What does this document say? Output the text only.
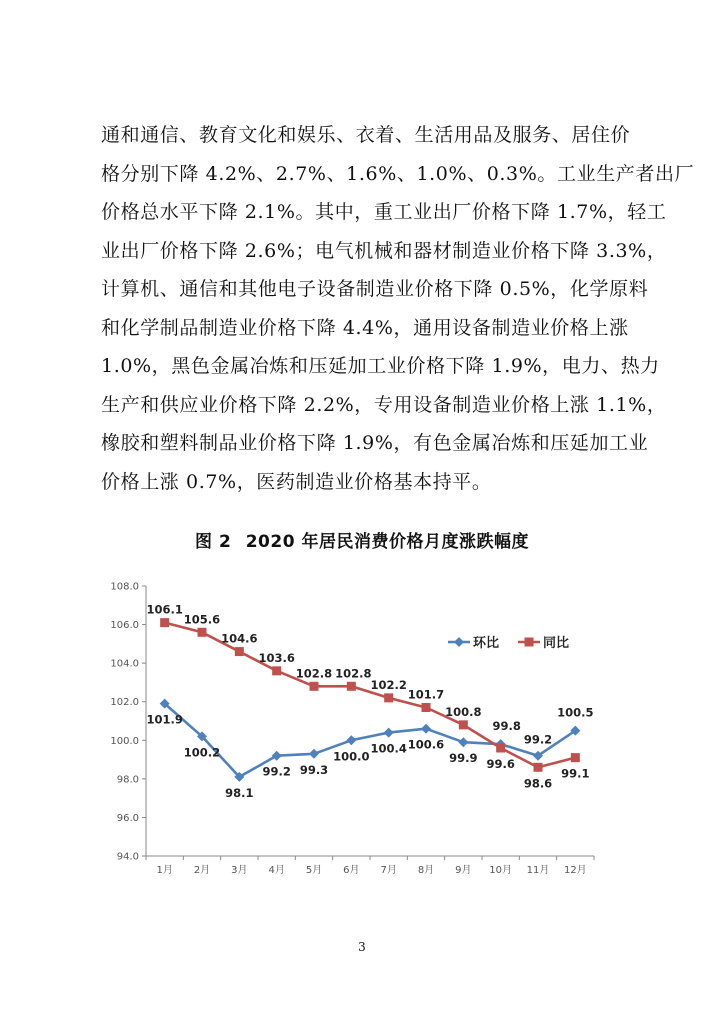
通和通信、教育文化和娱乐、衣着、生活用品及服务、居住价
格分别下降 4.2%、2.7%、1.6%、1.0%、0.3%。工业生产者出厂
价格总水平下降 2.1%。其中，重工业出厂价格下降 1.7%，轻工
业出厂价格下降 2.6%；电气机械和器材制造业价格下降 3.3%，
计算机、通信和其他电子设备制造业价格下降 0.5%，化学原料
和化学制品制造业价格下降 4.4%，通用设备制造业价格上涨
1.0%，黑色金属冶炼和压延加工业价格下降 1.9%，电力、热力
生产和供应业价格下降 2.2%，专用设备制造业价格上涨 1.1%，
橡胶和塑料制品业价格下降 1.9%，有色金属冶炼和压延加工业
价格上涨 0.7%，医药制造业价格基本持平。
图 2 2020 年居民消费价格月度涨跌幅度
94.0
96.0
98.0
100.0
102.0
104.0
106.0
108.0
1月 2月 3月 4月 5月 6月 7月 8月 9月 10月 11月 12月
101.9
100.2
98.1
99.2 99.3
100.0
100.4 100.6
99.9
99.8
99.2
100.5
106.1
105.6
104.6
103.6
102.8 102.8
102.2
101.7
100.8
99.6
98.6
99.1
环比	同比
3
